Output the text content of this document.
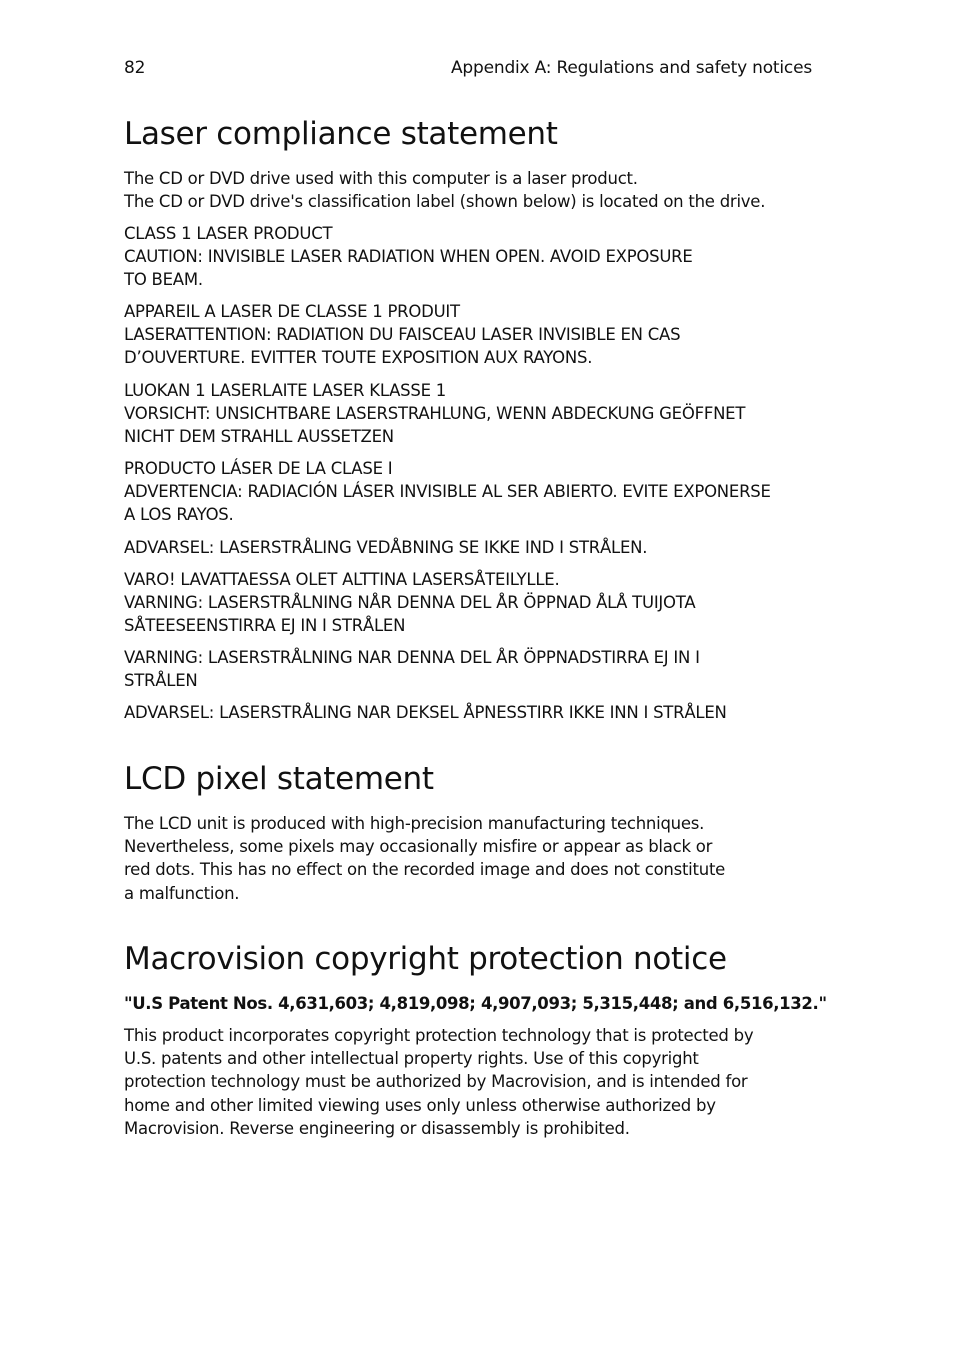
82	Appendix A: Regulations and safety notices
Laser compliance statement

The CD or DVD drive used with this computer is a laser product.
The CD or DVD drive's classification label (shown below) is located on the drive.

CLASS 1 LASER PRODUCT
CAUTION: INVISIBLE LASER RADIATION WHEN OPEN. AVOID EXPOSURE
TO BEAM.

APPAREIL A LASER DE CLASSE 1 PRODUIT
LASERATTENTION: RADIATION DU FAISCEAU LASER INVISIBLE EN CAS
D’OUVERTURE. EVITTER TOUTE EXPOSITION AUX RAYONS.

LUOKAN 1 LASERLAITE LASER KLASSE 1
VORSICHT: UNSICHTBARE LASERSTRAHLUNG, WENN ABDECKUNG GEÖFFNET
NICHT DEM STRAHLL AUSSETZEN

PRODUCTO LÁSER DE LA CLASE I
ADVERTENCIA: RADIACIÓN LÁSER INVISIBLE AL SER ABIERTO. EVITE EXPONERSE
A LOS RAYOS.

ADVARSEL: LASERSTRÅLING VEDÅBNING SE IKKE IND I STRÅLEN.

VARO! LAVATTAESSA OLET ALTTINA LASERSÅTEILYLLE.
VARNING: LASERSTRÅLNING NÅR DENNA DEL ÅR ÖPPNAD ÅLÅ TUIJOTA
SÅTEESEENSTIRRA EJ IN I STRÅLEN

VARNING: LASERSTRÅLNING NAR DENNA DEL ÅR ÖPPNADSTIRRA EJ IN I
STRÅLEN

ADVARSEL: LASERSTRÅLING NAR DEKSEL ÅPNESSTIRR IKKE INN I STRÅLEN

LCD pixel statement

The LCD unit is produced with high-precision manufacturing techniques.
Nevertheless, some pixels may occasionally misfire or appear as black or
red dots. This has no effect on the recorded image and does not constitute
a malfunction.

Macrovision copyright protection notice

"U.S Patent Nos. 4,631,603; 4,819,098; 4,907,093; 5,315,448; and 6,516,132."

This product incorporates copyright protection technology that is protected by
U.S. patents and other intellectual property rights. Use of this copyright
protection technology must be authorized by Macrovision, and is intended for
home and other limited viewing uses only unless otherwise authorized by
Macrovision. Reverse engineering or disassembly is prohibited.
